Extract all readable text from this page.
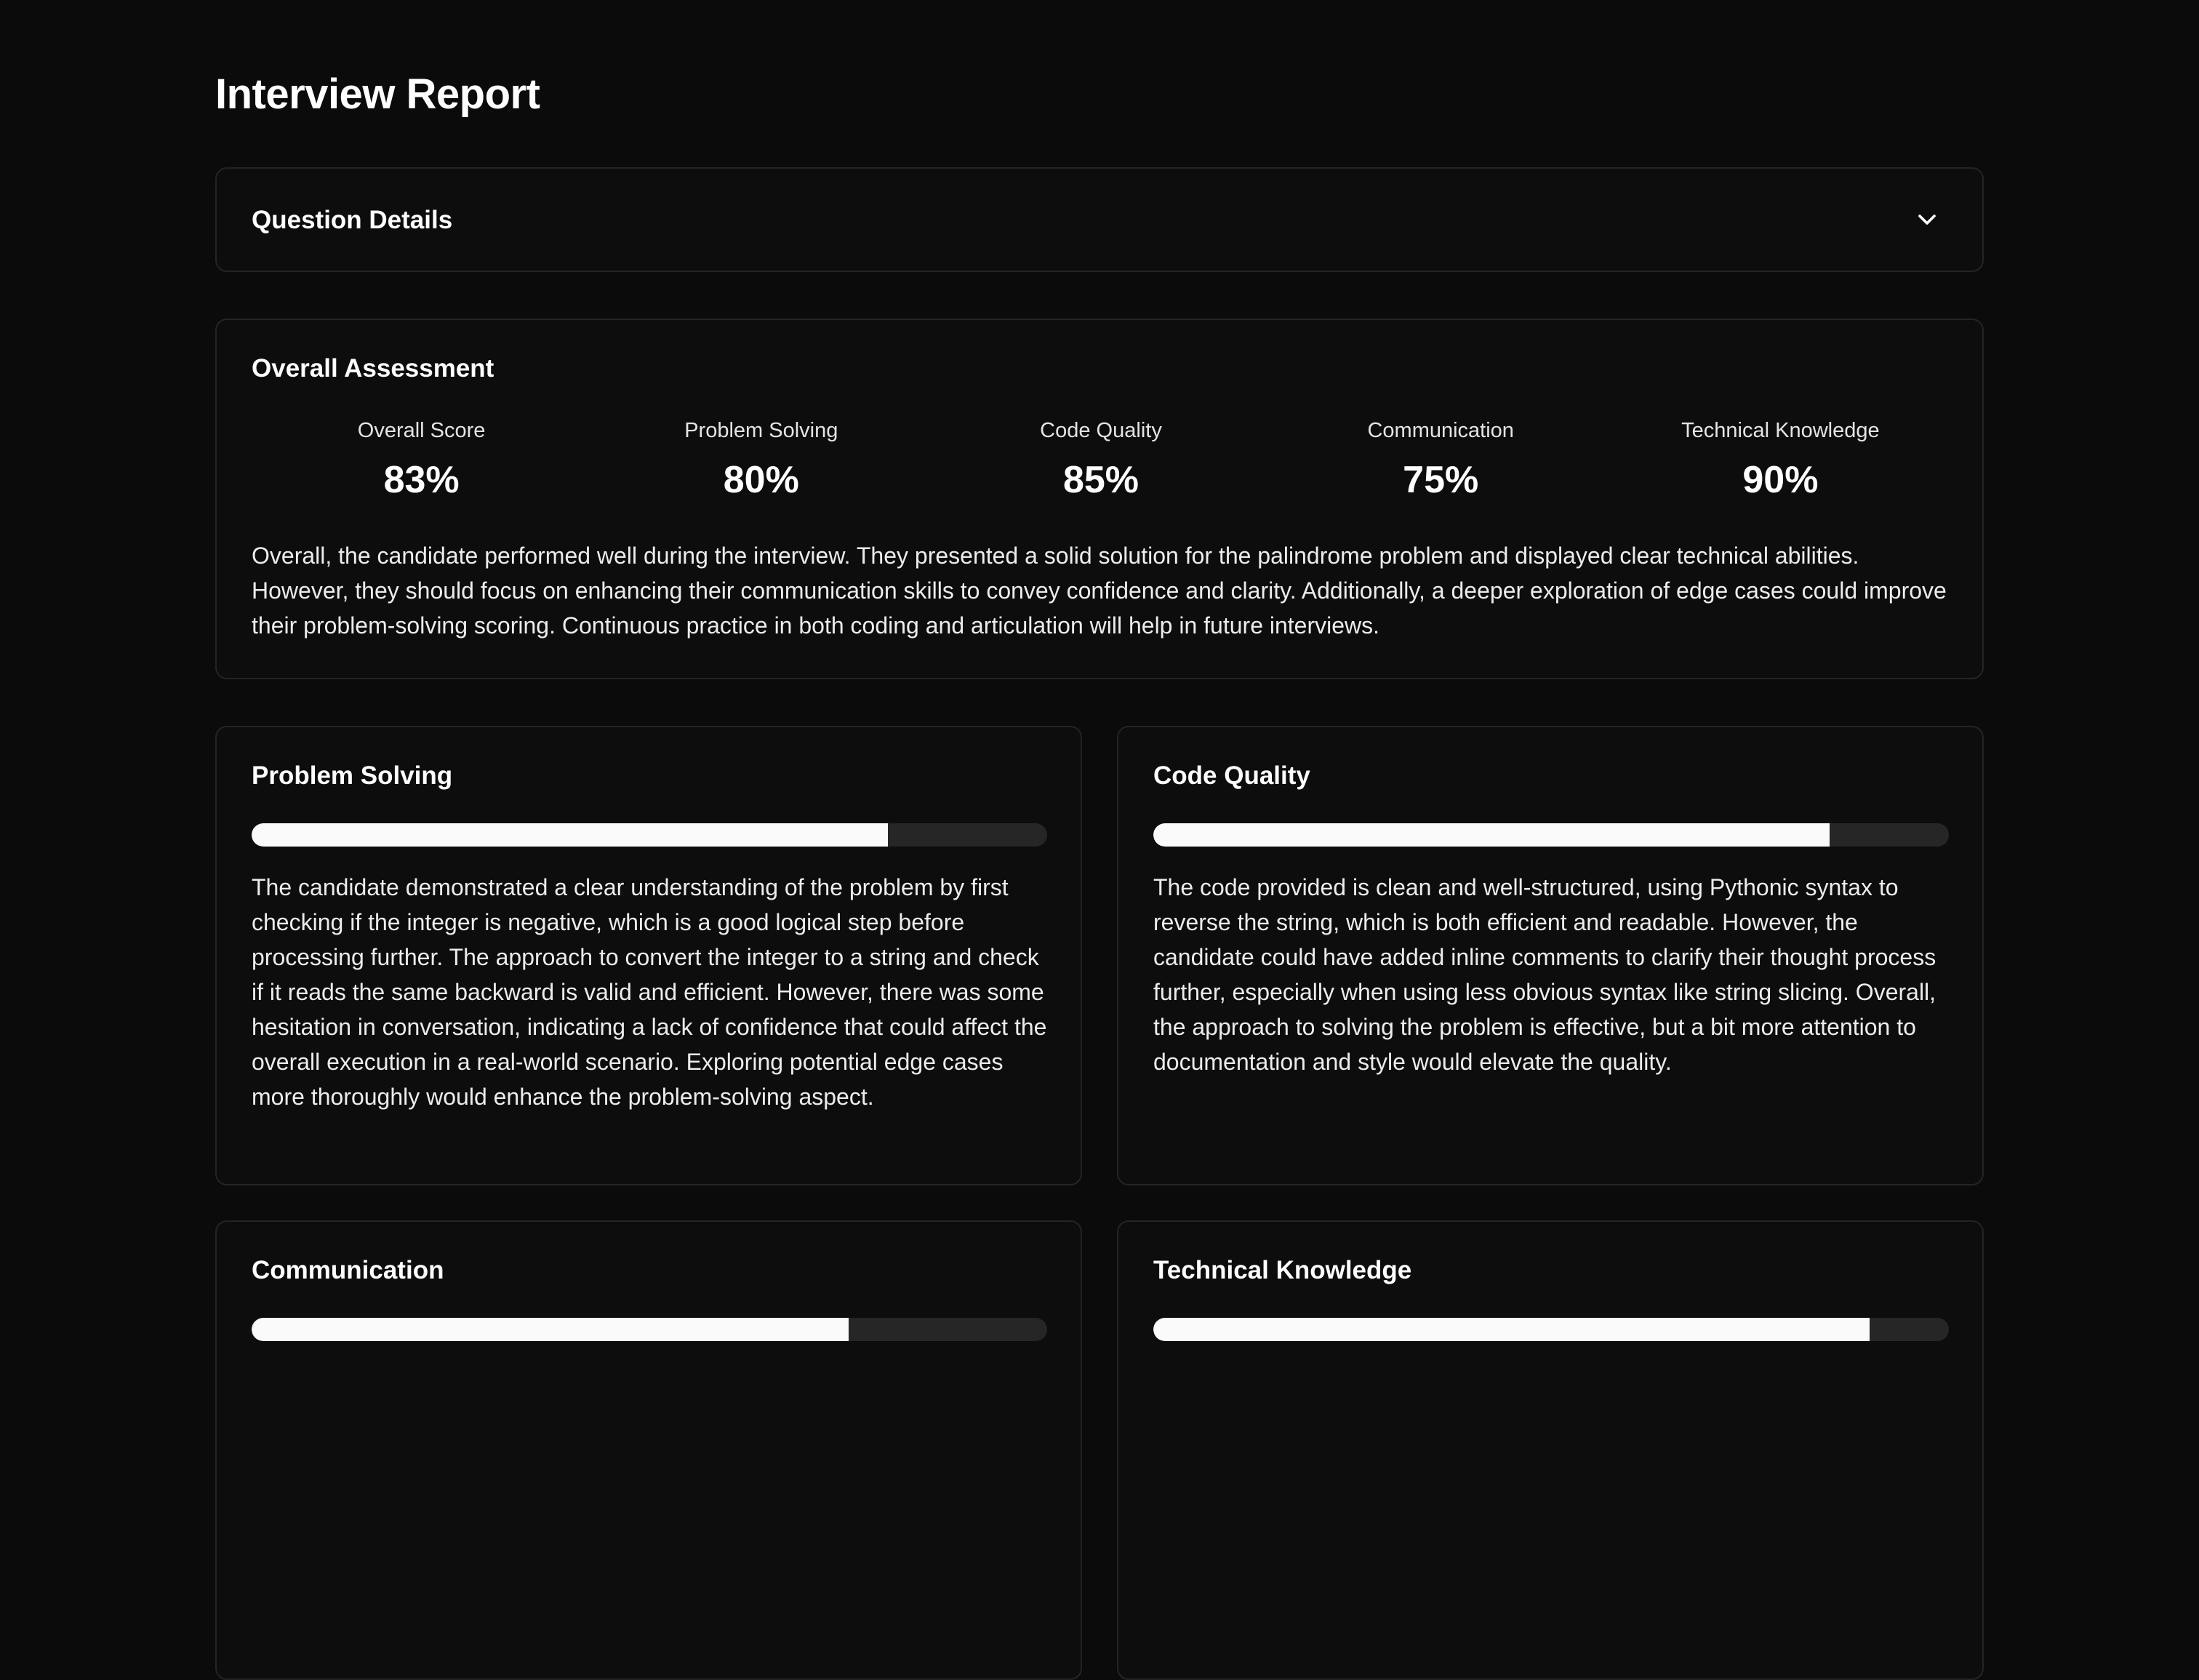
Interview Report
Question Details
Overall Assessment
Overall Score
83%
Problem Solving
80%
Code Quality
85%
Communication
75%
Technical Knowledge
90%

Overall, the candidate performed well during the interview. They presented a solid solution for the palindrome problem and displayed clear technical abilities. However, they should focus on enhancing their communication skills to convey confidence and clarity. Additionally, a deeper exploration of edge cases could improve their problem-solving scoring. Continuous practice in both coding and articulation will help in future interviews.

Problem Solving

The candidate demonstrated a clear understanding of the problem by first checking if the integer is negative, which is a good logical step before processing further. The approach to convert the integer to a string and check if it reads the same backward is valid and efficient. However, there was some hesitation in conversation, indicating a lack of confidence that could affect the overall execution in a real-world scenario. Exploring potential edge cases more thoroughly would enhance the problem-solving aspect.

Code Quality

The code provided is clean and well-structured, using Pythonic syntax to reverse the string, which is both efficient and readable. However, the candidate could have added inline comments to clarify their thought process further, especially when using less obvious syntax like string slicing. Overall, the approach to solving the problem is effective, but a bit more attention to documentation and style would elevate the quality.

Communication	Technical Knowledge
